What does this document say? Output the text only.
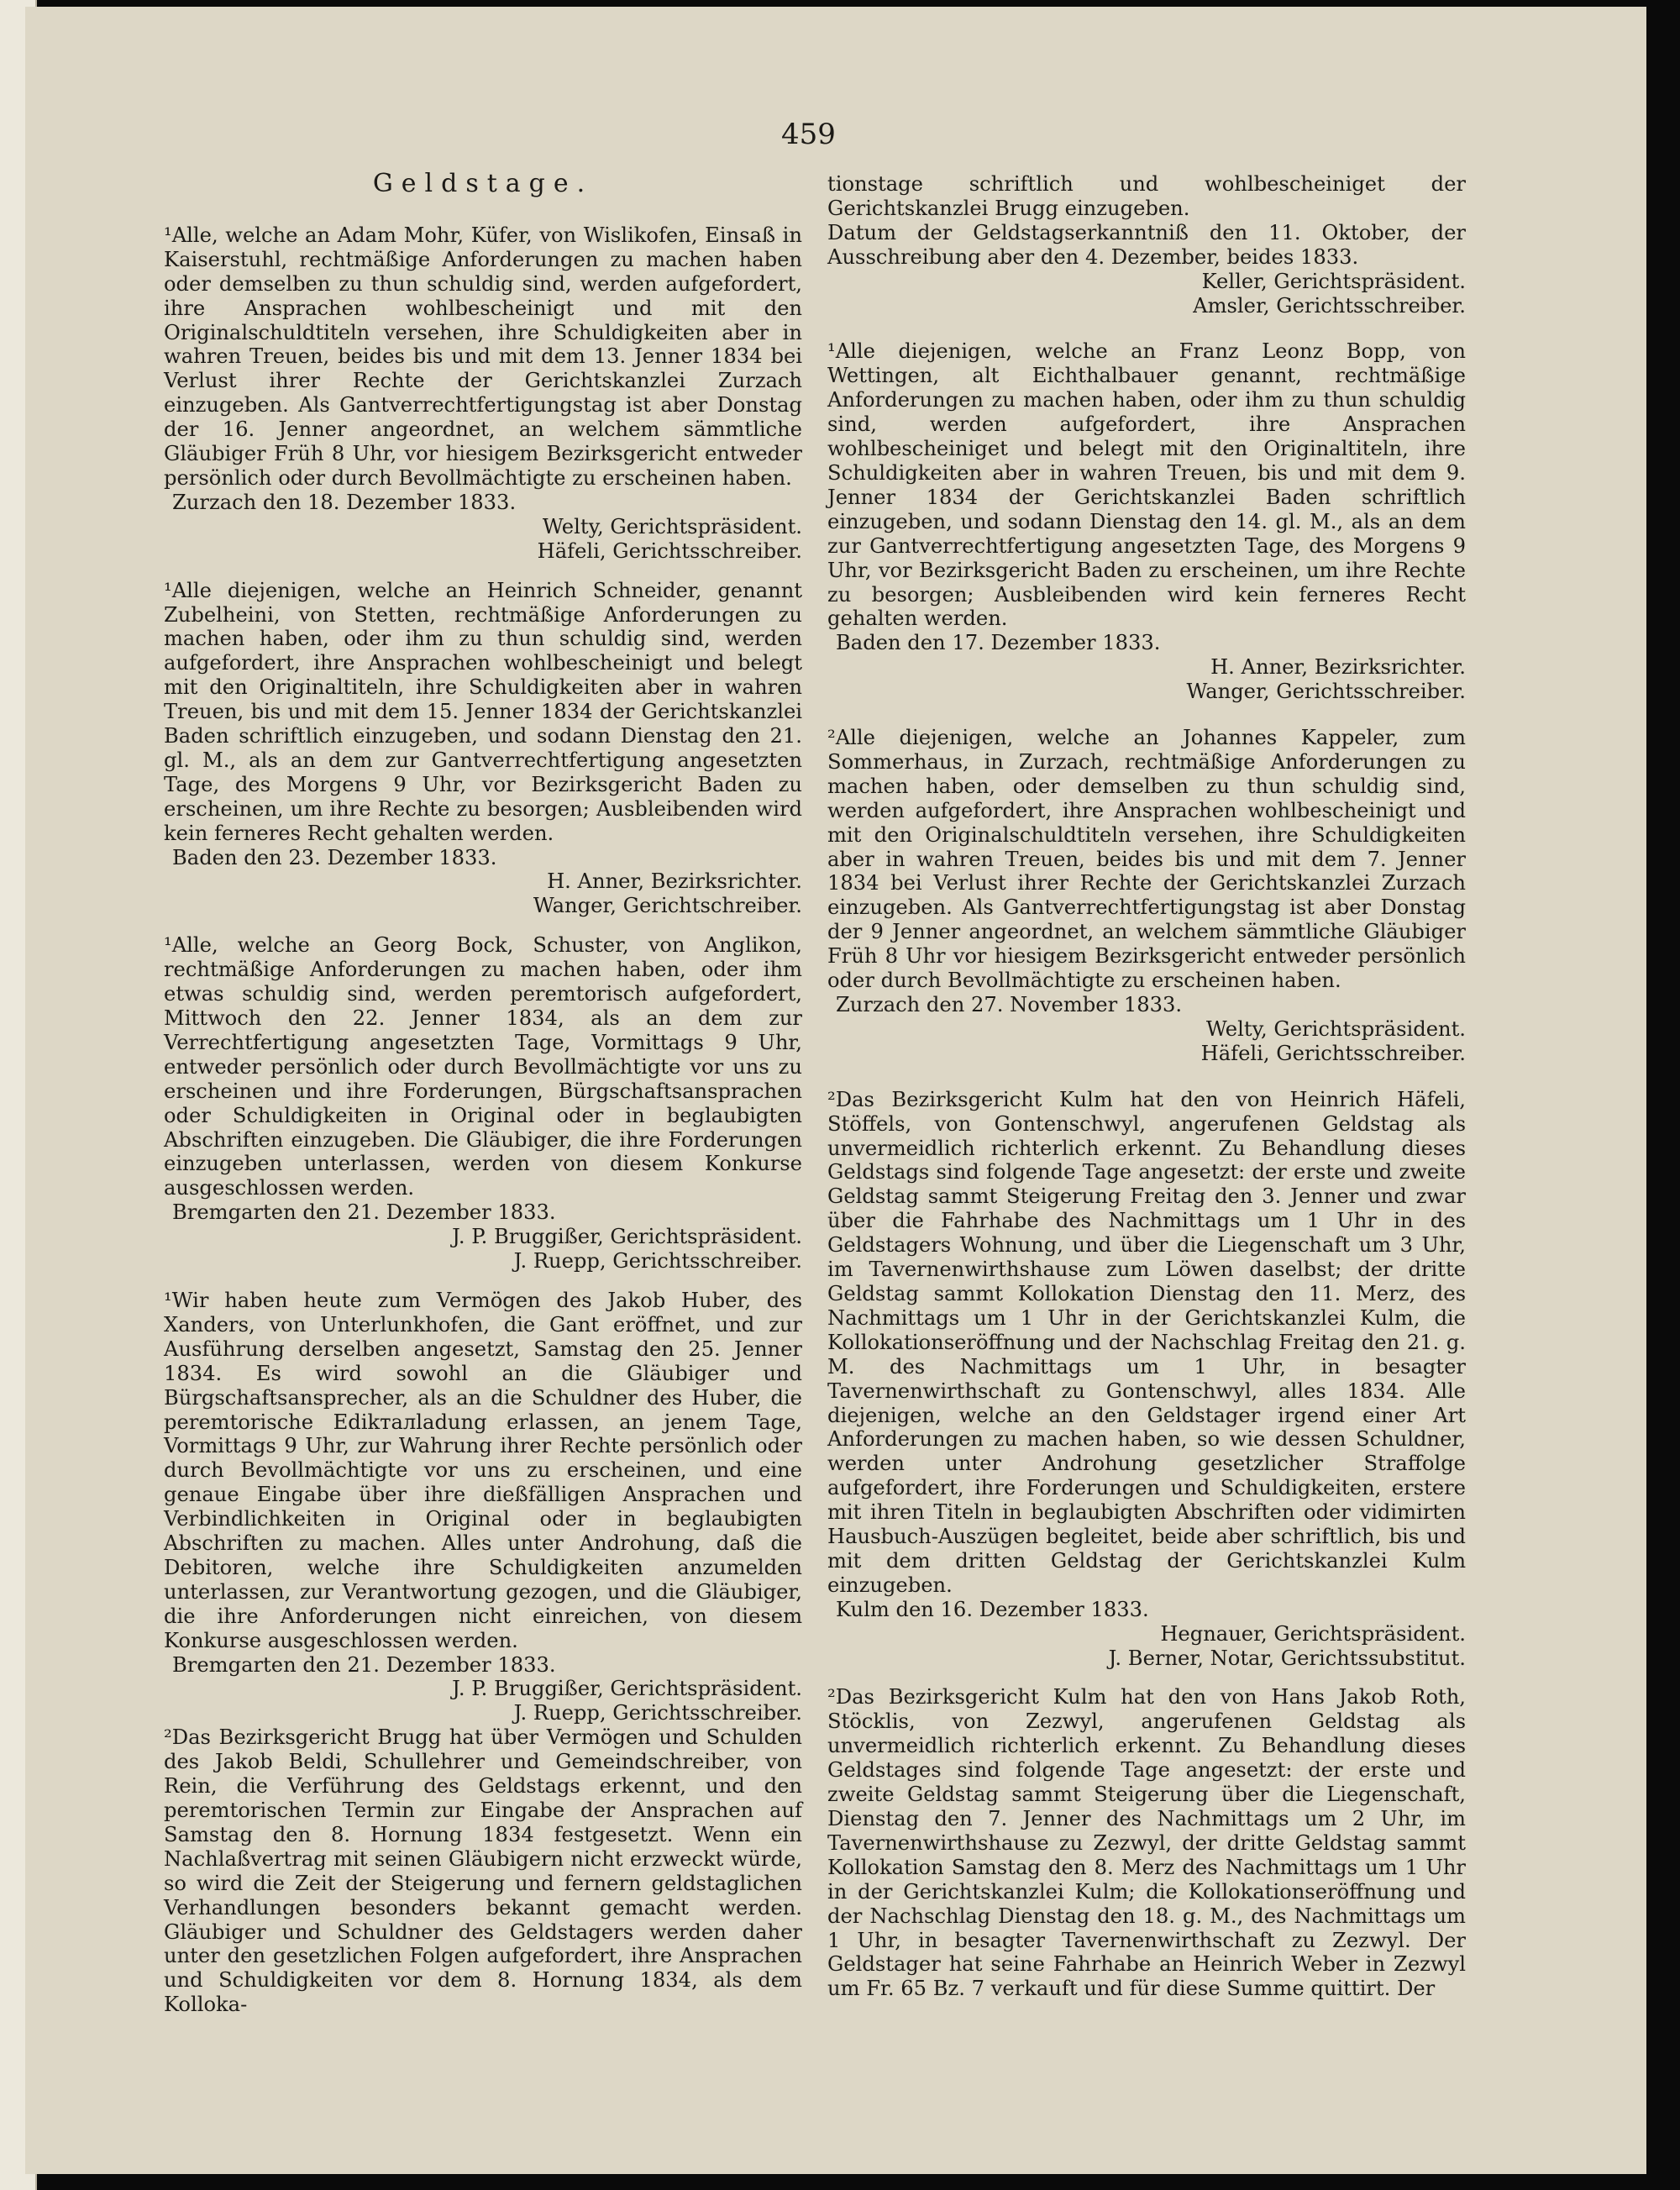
459
Geldstage.

¹Alle, welche an Adam Mohr, Küfer, von Wislikofen, Einsaß in Kaiserstuhl, rechtmäßige Anforderungen zu machen haben oder demselben zu thun schuldig sind, werden aufgefordert, ihre Ansprachen wohlbescheinigt und mit den Originalschuldtiteln versehen, ihre Schuldigkeiten aber in wahren Treuen, beides bis und mit dem 13. Jenner 1834 bei Verlust ihrer Rechte der Gerichtskanzlei Zurzach einzugeben. Als Gantverrechtfertigungstag ist aber Donstag der 16. Jenner angeordnet, an welchem sämmtliche Gläubiger Früh 8 Uhr, vor hiesigem Bezirksgericht entweder persönlich oder durch Bevollmächtigte zu erscheinen haben.

Zurzach den 18. Dezember 1833.

Welty, Gerichtspräsident.

Häfeli, Gerichtsschreiber.

¹Alle diejenigen, welche an Heinrich Schneider, genannt Zubelheini, von Stetten, rechtmäßige Anforderungen zu machen haben, oder ihm zu thun schuldig sind, werden aufgefordert, ihre Ansprachen wohlbescheinigt und belegt mit den Originaltiteln, ihre Schuldigkeiten aber in wahren Treuen, bis und mit dem 15. Jenner 1834 der Gerichtskanzlei Baden schriftlich einzugeben, und sodann Dienstag den 21. gl. M., als an dem zur Gantverrechtfertigung angesetzten Tage, des Morgens 9 Uhr, vor Bezirksgericht Baden zu erscheinen, um ihre Rechte zu besorgen; Ausbleibenden wird kein ferneres Recht gehalten werden.

Baden den 23. Dezember 1833.

H. Anner, Bezirksrichter.

Wanger, Gerichtschreiber.

¹Alle, welche an Georg Bock, Schuster, von Anglikon, rechtmäßige Anforderungen zu machen haben, oder ihm etwas schuldig sind, werden peremtorisch aufgefordert, Mittwoch den 22. Jenner 1834, als an dem zur Verrechtfertigung angesetzten Tage, Vormittags 9 Uhr, entweder persönlich oder durch Bevollmächtigte vor uns zu erscheinen und ihre Forderungen, Bürgschaftsansprachen oder Schuldigkeiten in Original oder in beglaubigten Abschriften einzugeben. Die Gläubiger, die ihre Forderungen einzugeben unterlassen, werden von diesem Konkurse ausgeschlossen werden.

Bremgarten den 21. Dezember 1833.

J. P. Bruggißer, Gerichtspräsident.

J. Ruepp, Gerichtsschreiber.

¹Wir haben heute zum Vermögen des Jakob Huber, des Xanders, von Unterlunkhofen, die Gant eröffnet, und zur Ausführung derselben angesetzt, Samstag den 25. Jenner 1834. Es wird sowohl an die Gläubiger und Bürgschaftsansprecher, als an die Schuldner des Huber, die peremtorische Edikталladung erlassen, an jenem Tage, Vormittags 9 Uhr, zur Wahrung ihrer Rechte persönlich oder durch Bevollmächtigte vor uns zu erscheinen, und eine genaue Eingabe über ihre dießfälligen Ansprachen und Verbindlichkeiten in Original oder in beglaubigten Abschriften zu machen. Alles unter Androhung, daß die Debitoren, welche ihre Schuldigkeiten anzumelden unterlassen, zur Verantwortung gezogen, und die Gläubiger, die ihre Anforderungen nicht einreichen, von diesem Konkurse ausgeschlossen werden.

Bremgarten den 21. Dezember 1833.

J. P. Bruggißer, Gerichtspräsident.

J. Ruepp, Gerichtsschreiber.

²Das Bezirksgericht Brugg hat über Vermögen und Schulden des Jakob Beldi, Schullehrer und Gemeindschreiber, von Rein, die Verführung des Geldstags erkennt, und den peremtorischen Termin zur Eingabe der Ansprachen auf Samstag den 8. Hornung 1834 festgesetzt. Wenn ein Nachlaßvertrag mit seinen Gläubigern nicht erzweckt würde, so wird die Zeit der Steigerung und fernern geldstaglichen Verhandlungen besonders bekannt gemacht werden. Gläubiger und Schuldner des Geldstagers werden daher unter den gesetzlichen Folgen aufgefordert, ihre Ansprachen und Schuldigkeiten vor dem 8. Hornung 1834, als dem Kolloka-

tionstage schriftlich und wohlbescheiniget der Gerichtskanzlei Brugg einzugeben.

Datum der Geldstagserkanntniß den 11. Oktober, der Ausschreibung aber den 4. Dezember, beides 1833.

Keller, Gerichtspräsident.

Amsler, Gerichtsschreiber.

¹Alle diejenigen, welche an Franz Leonz Bopp, von Wettingen, alt Eichthalbauer genannt, rechtmäßige Anforderungen zu machen haben, oder ihm zu thun schuldig sind, werden aufgefordert, ihre Ansprachen wohlbescheiniget und belegt mit den Originaltiteln, ihre Schuldigkeiten aber in wahren Treuen, bis und mit dem 9. Jenner 1834 der Gerichtskanzlei Baden schriftlich einzugeben, und sodann Dienstag den 14. gl. M., als an dem zur Gantverrechtfertigung angesetzten Tage, des Morgens 9 Uhr, vor Bezirksgericht Baden zu erscheinen, um ihre Rechte zu besorgen; Ausbleibenden wird kein ferneres Recht gehalten werden.

Baden den 17. Dezember 1833.

H. Anner, Bezirksrichter.

Wanger, Gerichtsschreiber.

²Alle diejenigen, welche an Johannes Kappeler, zum Sommerhaus, in Zurzach, rechtmäßige Anforderungen zu machen haben, oder demselben zu thun schuldig sind, werden aufgefordert, ihre Ansprachen wohlbescheinigt und mit den Originalschuldtiteln versehen, ihre Schuldigkeiten aber in wahren Treuen, beides bis und mit dem 7. Jenner 1834 bei Verlust ihrer Rechte der Gerichtskanzlei Zurzach einzugeben. Als Gantverrechtfertigungstag ist aber Donstag der 9 Jenner angeordnet, an welchem sämmtliche Gläubiger Früh 8 Uhr vor hiesigem Bezirksgericht entweder persönlich oder durch Bevollmächtigte zu erscheinen haben.

Zurzach den 27. November 1833.

Welty, Gerichtspräsident.

Häfeli, Gerichtsschreiber.

²Das Bezirksgericht Kulm hat den von Heinrich Häfeli, Stöffels, von Gontenschwyl, angerufenen Geldstag als unvermeidlich richterlich erkennt. Zu Behandlung dieses Geldstags sind folgende Tage angesetzt: der erste und zweite Geldstag sammt Steigerung Freitag den 3. Jenner und zwar über die Fahrhabe des Nachmittags um 1 Uhr in des Geldstagers Wohnung, und über die Liegenschaft um 3 Uhr, im Tavernenwirthshause zum Löwen daselbst; der dritte Geldstag sammt Kollokation Dienstag den 11. Merz, des Nachmittags um 1 Uhr in der Gerichtskanzlei Kulm, die Kollokationseröffnung und der Nachschlag Freitag den 21. g. M. des Nachmittags um 1 Uhr, in besagter Tavernenwirthschaft zu Gontenschwyl, alles 1834. Alle diejenigen, welche an den Geldstager irgend einer Art Anforderungen zu machen haben, so wie dessen Schuldner, werden unter Androhung gesetzlicher Straffolge aufgefordert, ihre Forderungen und Schuldigkeiten, erstere mit ihren Titeln in beglaubigten Abschriften oder vidimirten Hausbuch-Auszügen begleitet, beide aber schriftlich, bis und mit dem dritten Geldstag der Gerichtskanzlei Kulm einzugeben.

Kulm den 16. Dezember 1833.

Hegnauer, Gerichtspräsident.

J. Berner, Notar, Gerichtssubstitut.

²Das Bezirksgericht Kulm hat den von Hans Jakob Roth, Stöcklis, von Zezwyl, angerufenen Geldstag als unvermeidlich richterlich erkennt. Zu Behandlung dieses Geldstages sind folgende Tage angesetzt: der erste und zweite Geldstag sammt Steigerung über die Liegenschaft, Dienstag den 7. Jenner des Nachmittags um 2 Uhr, im Tavernenwirthshause zu Zezwyl, der dritte Geldstag sammt Kollokation Samstag den 8. Merz des Nachmittags um 1 Uhr in der Gerichtskanzlei Kulm; die Kollokationseröffnung und der Nachschlag Dienstag den 18. g. M., des Nachmittags um 1 Uhr, in besagter Tavernenwirthschaft zu Zezwyl. Der Geldstager hat seine Fahrhabe an Heinrich Weber in Zezwyl um Fr. 65 Bz. 7 verkauft und für diese Summe quittirt. Der
